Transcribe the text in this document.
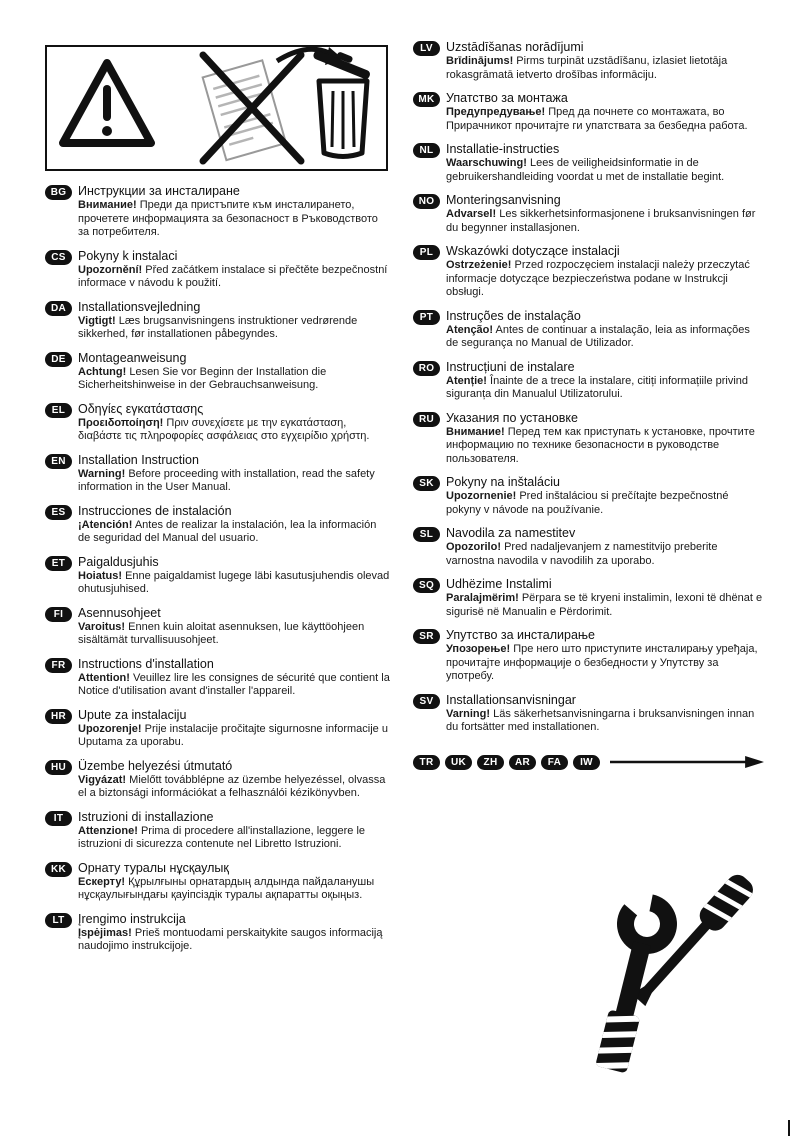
BG Инструкции за инсталиране
Внимание! Преди да пристъпите към инсталирането, прочетете информацията за безопасност в Ръководството за потребителя.
CS Pokyny k instalaci
Upozornění! Před začátkem instalace si přečtěte bezpečnostní informace v návodu k použití.
DA Installationsvejledning
Vigtigt! Læs brugsanvisningens instruktioner vedrørende sikkerhed, før installationen påbegyndes.
DE Montageanweisung
Achtung! Lesen Sie vor Beginn der Installation die Sicherheitshinweise in der Gebrauchsanweisung.
EL	Οδηγίες εγκατάστασης
Προειδοποίηση! Πριν συνεχίσετε με την εγκατάσταση, διαβάστε τις πληροφορίες ασφάλειας στο εγχειρίδιο χρήστη.
EN Installation Instruction
Warning! Before proceeding with installation, read the safety information in the User Manual.
ES	Instrucciones de instalación
¡Atención! Antes de realizar la instalación, lea la información de seguridad del Manual del usuario.
ET	Paigaldusjuhis
Hoiatus! Enne paigaldamist lugege läbi kasutusjuhendis olevad ohutusjuhised.
FI	Asennusohjeet
Varoitus! Ennen kuin aloitat asennuksen, lue käyttöohjeen sisältämät turvallisuusohjeet.
FR	Instructions d'installation
Attention! Veuillez lire les consignes de sécurité que contient la Notice d'utilisation avant d'installer l'appareil.
HR Upute za instalaciju
Upozorenje! Prije instalacije pročitajte sigurnosne informacije u Uputama za uporabu.
HU Üzembe helyezési útmutató
Vigyázat! Mielőtt továbblépne az üzembe helyezéssel, olvassa el a biztonsági információkat a felhasználói kézikönyvben.
IT	Istruzioni di installazione
Attenzione! Prima di procedere all'installazione, leggere le istruzioni di sicurezza contenute nel Libretto Istruzioni.
KK Орнату туралы нұсқаулық
Ескерту! Құрылғыны орнатардың алдында пайдаланушы нұсқаулығындағы қауіпсіздік туралы ақпаратты оқыңыз.
LT	Įrengimo instrukcija
Įspėjimas! Prieš montuodami perskaitykite saugos informaciją naudojimo instrukcijoje.
LV	Uzstādīšanas norādījumi
Brīdinājums! Pirms turpināt uzstādīšanu, izlasiet lietotāja rokasgrāmatā ietverto drošības informāciju.
MK Упатство за монтажа
Предупредување! Пред да почнете со монтажата, во Прирачникот прочитајте ги упатствата за безбедна работа.
NL	Installatie-instructies
Waarschuwing! Lees de veiligheidsinformatie in de gebruikershandleiding voordat u met de installatie begint.
NO Monteringsanvisning
Advarsel! Les sikkerhetsinformasjonene i bruksanvisningen før du begynner installasjonen.
PL	Wskazówki dotyczące instalacji
Ostrzeżenie! Przed rozpoczęciem instalacji należy przeczytać informacje dotyczące bezpieczeństwa podane w Instrukcji obsługi.
PT	Instruções de instalação
Atenção! Antes de continuar a instalação, leia as informações de segurança no Manual de Utilizador.
RO Instrucțiuni de instalare
Atenție! Înainte de a trece la instalare, citiți informațiile privind siguranța din Manualul Utilizatorului.
RU Указания по установке
Внимание! Перед тем как приступать к установке, прочтите информацию по технике безопасности в руководстве пользователя.
SK Pokyny na inštaláciu
Upozornenie! Pred inštaláciou si prečítajte bezpečnostné pokyny v návode na používanie.
SL	Navodila za namestitev
Opozorilo! Pred nadaljevanjem z namestitvijo preberite varnostna navodila v navodilih za uporabo.
SQ Udhëzime Instalimi
Paralajmërim! Përpara se të kryeni instalimin, lexoni të dhënat e sigurisë në Manualin e Përdorimit.
SR Упутство за инсталирање
Упозорење! Пре него што приступите инсталирању уређаја, прочитајте информације о безбедности у Упутству за употребу.
SV	Installationsanvisningar
Varning! Läs säkerhetsanvisningarna i bruksanvisningen innan du fortsätter med installationen.
TR	UK	ZH	AR	FA	IW
